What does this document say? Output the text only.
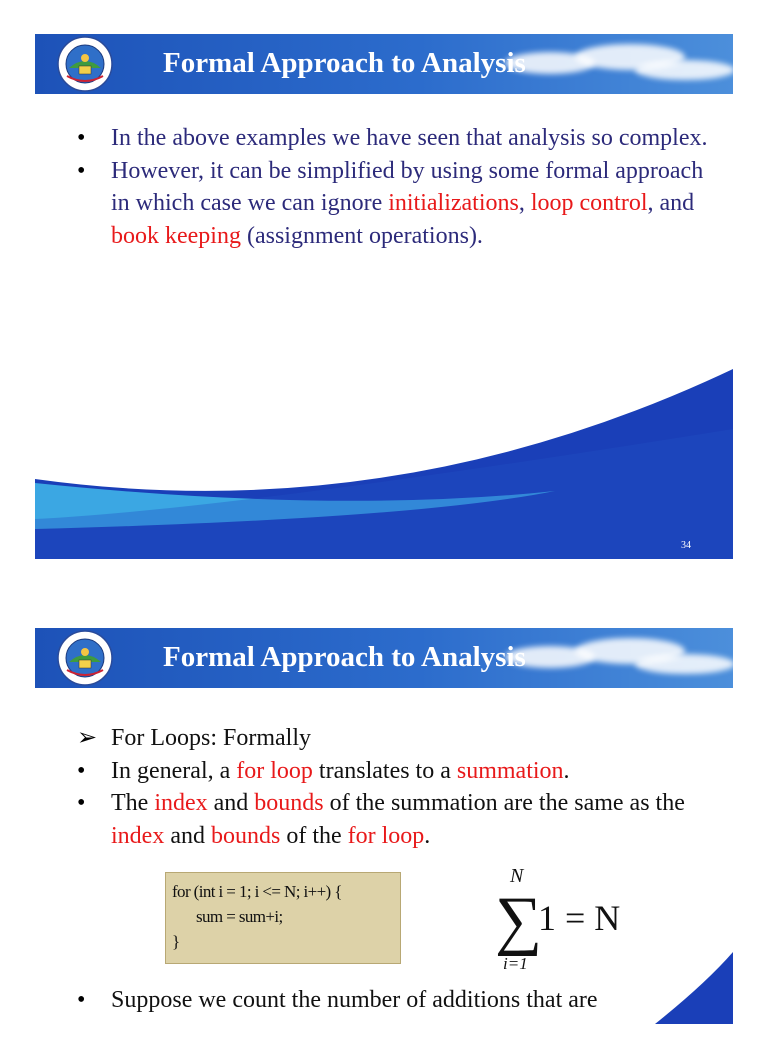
Formal Approach to Analysis
• In the above examples we have seen that analysis so complex.
• However, it can be simplified by using some formal approach in which case we can ignore initializations, loop control, and book keeping (assignment operations).
34
Formal Approach to Analysis
➢ For Loops: Formally
• In general, a for loop translates to a summation.
• The index and bounds of the summation are the same as the index and bounds of the for loop.
for (int i = 1; i <= N; i++) {
sum = sum+i;
}
N
∑
1 = N
i=1
• Suppose we count the number of additions that are
